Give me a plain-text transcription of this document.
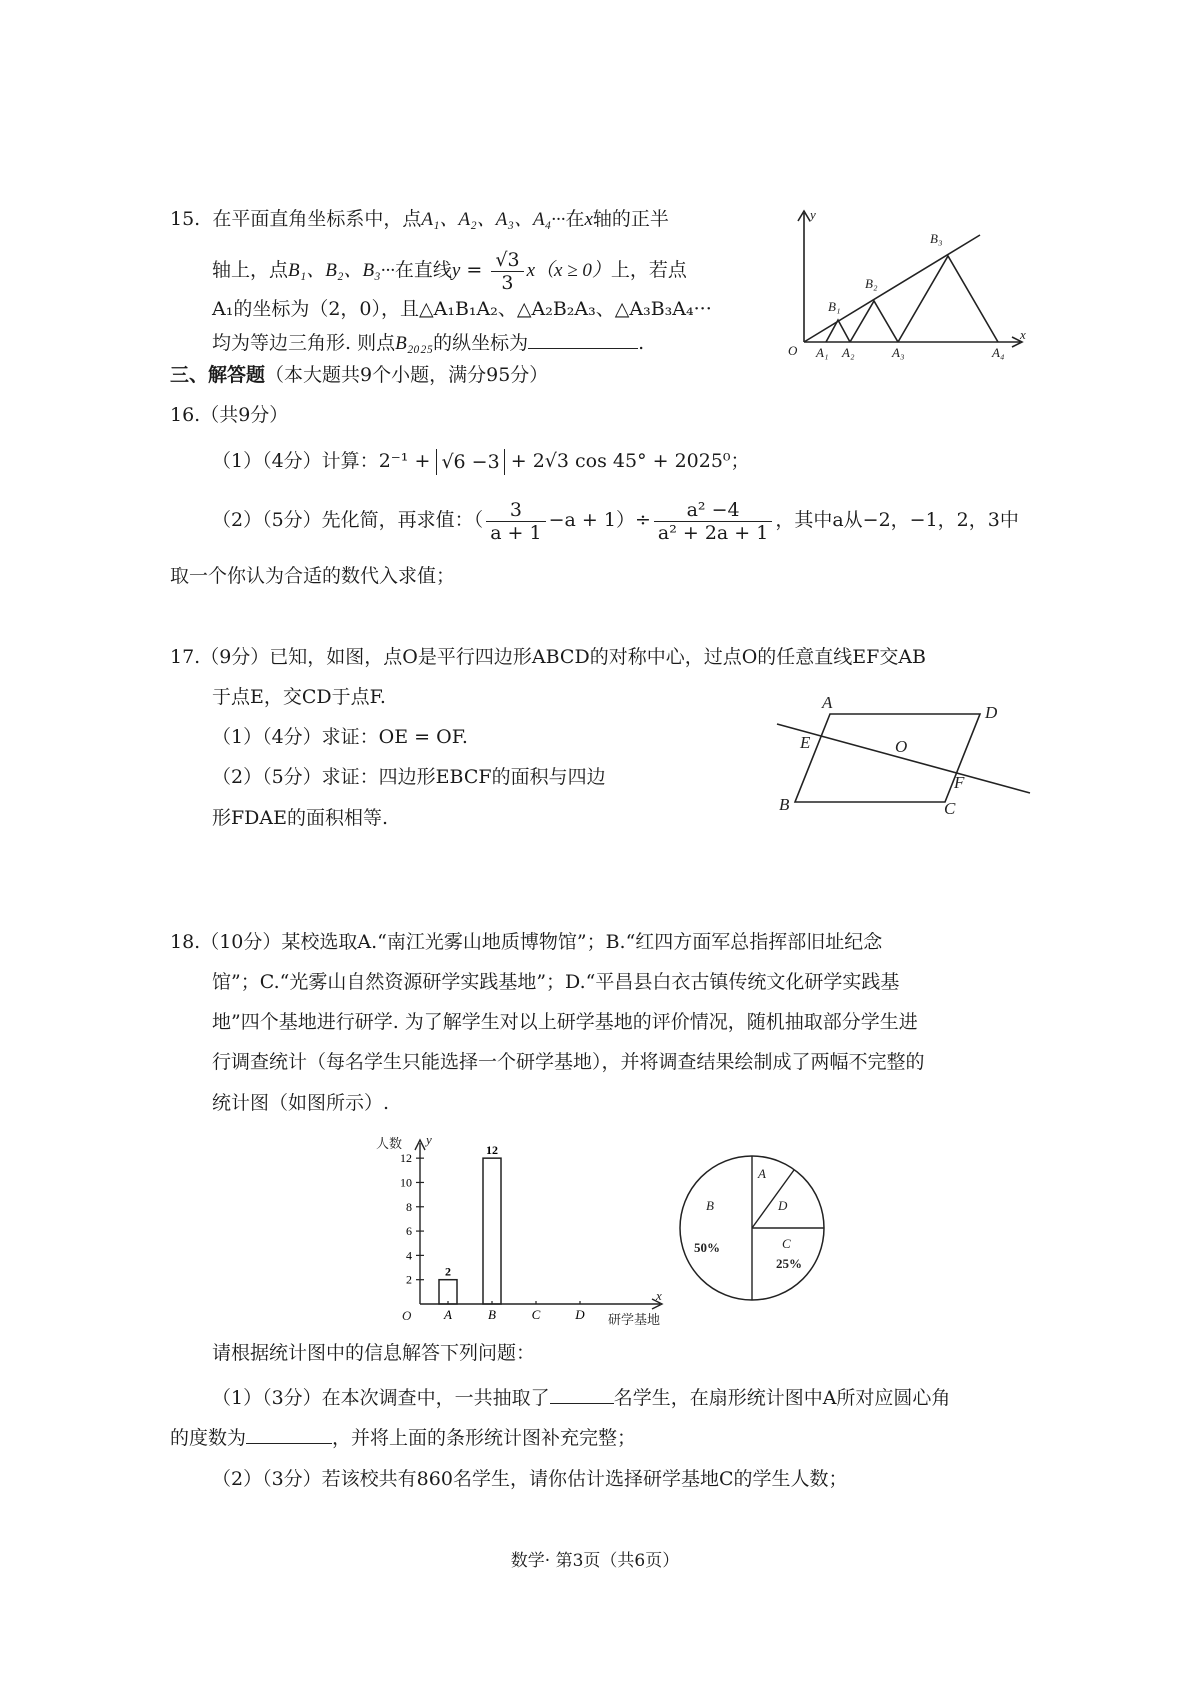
15. 在平面直角坐标系中，点A₁、A₂、A₃、A₄···在x轴的正半
轴上，点B₁、B₂、B₃···在直线$y = \frac{√3}{3} x(x \ge 0)$上，若点
A₁的坐标为（2，0），且△A₁B₁A₂、△A₂B₂A₃、△A₃B₃A₄···
均为等边三角形. 则点B₂₀₂₅的纵坐标为	.
y
x
O
B₁
B₂
B₃
A₁ A₂	A₃	A₄
三、解答题（本大题共9个小题，满分95分）
16.（共9分）
（1）（4分）计算：2⁻¹ + √6 −3 + 2√3 cos 45° + 2025⁰；
（2）（5分）先化简，再求值：（ $\frac{3}{a + 1} -a + 1)\div \frac{\text{a² −4}}{\text{a² + 2a + 1}}$ ，其中a从−2，−1，2，3中
取一个你认为合适的数代入求值；
17.（9分）已知，如图，点O是平行四边形ABCD的对称中心，过点O的任意直线EF交AB
于点E，交CD于点F.
（1）（4分）求证：OE = OF.
（2）（5分）求证：四边形EBCF的面积与四边
形FDAE的面积相等.
A
D
E	O
F
B	C
18.（10分）某校选取A.“南江光雾山地质博物馆”；B.“红四方面军总指挥部旧址纪念
馆”；C.“光雾山自然资源研学实践基地”；D.“平昌县白衣古镇传统文化研学实践基
地”四个基地进行研学. 为了解学生对以上研学基地的评价情况，随机抽取部分学生进
行调查统计（每名学生只能选择一个研学基地），并将调查结果绘制成了两幅不完整的
统计图（如图所示）.
2
4
6
8
10
12
A
2
B
12
C	D
人数 y
O
x
研学基地
A
D
C
25%
B
50%
请根据统计图中的信息解答下列问题：
（1）（3分）在本次调查中，一共抽取了	名学生，在扇形统计图中A所对应圆心角
的度数为	，并将上面的条形统计图补充完整；
（2）（3分）若该校共有860名学生，请你估计选择研学基地C的学生人数；
数学· 第3页（共6页）
